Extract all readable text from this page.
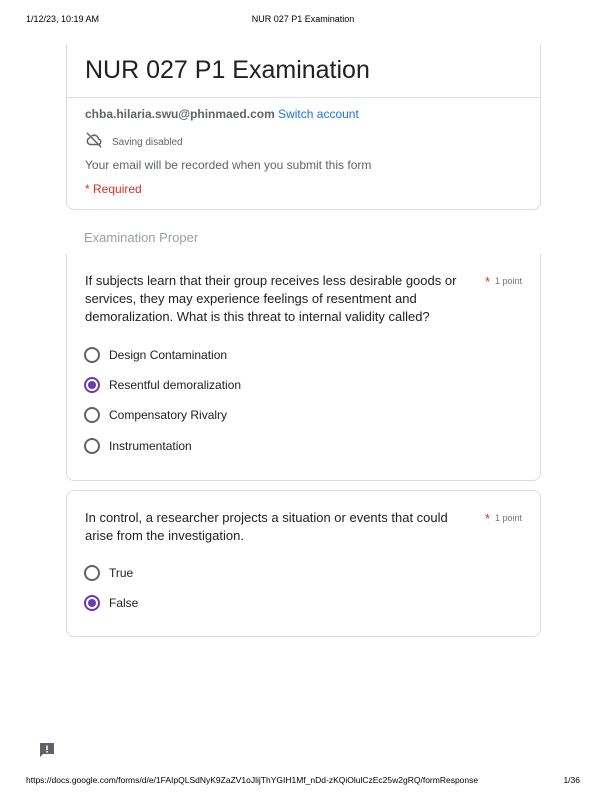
1/12/23, 10:19 AM	NUR 027 P1 Examination
NUR 027 P1 Examination
chba.hilaria.swu@phinmaed.com Switch account
Saving disabled
Your email will be recorded when you submit this form
* Required
Examination Proper
If subjects learn that their group receives less desirable goods or services, they may experience feelings of resentment and demoralization. What is this threat to internal validity called?
* 1 point
Design Contamination
Resentful demoralization
Compensatory Rivalry
Instrumentation
In control, a researcher projects a situation or events that could arise from the investigation.
* 1 point
True
False
https://docs.google.com/forms/d/e/1FAIpQLSdNyK9ZaZV1oJlijThYGIH1Mf_nDd-zKQiOlulCzEc25w2gRQ/formResponse	1/36
